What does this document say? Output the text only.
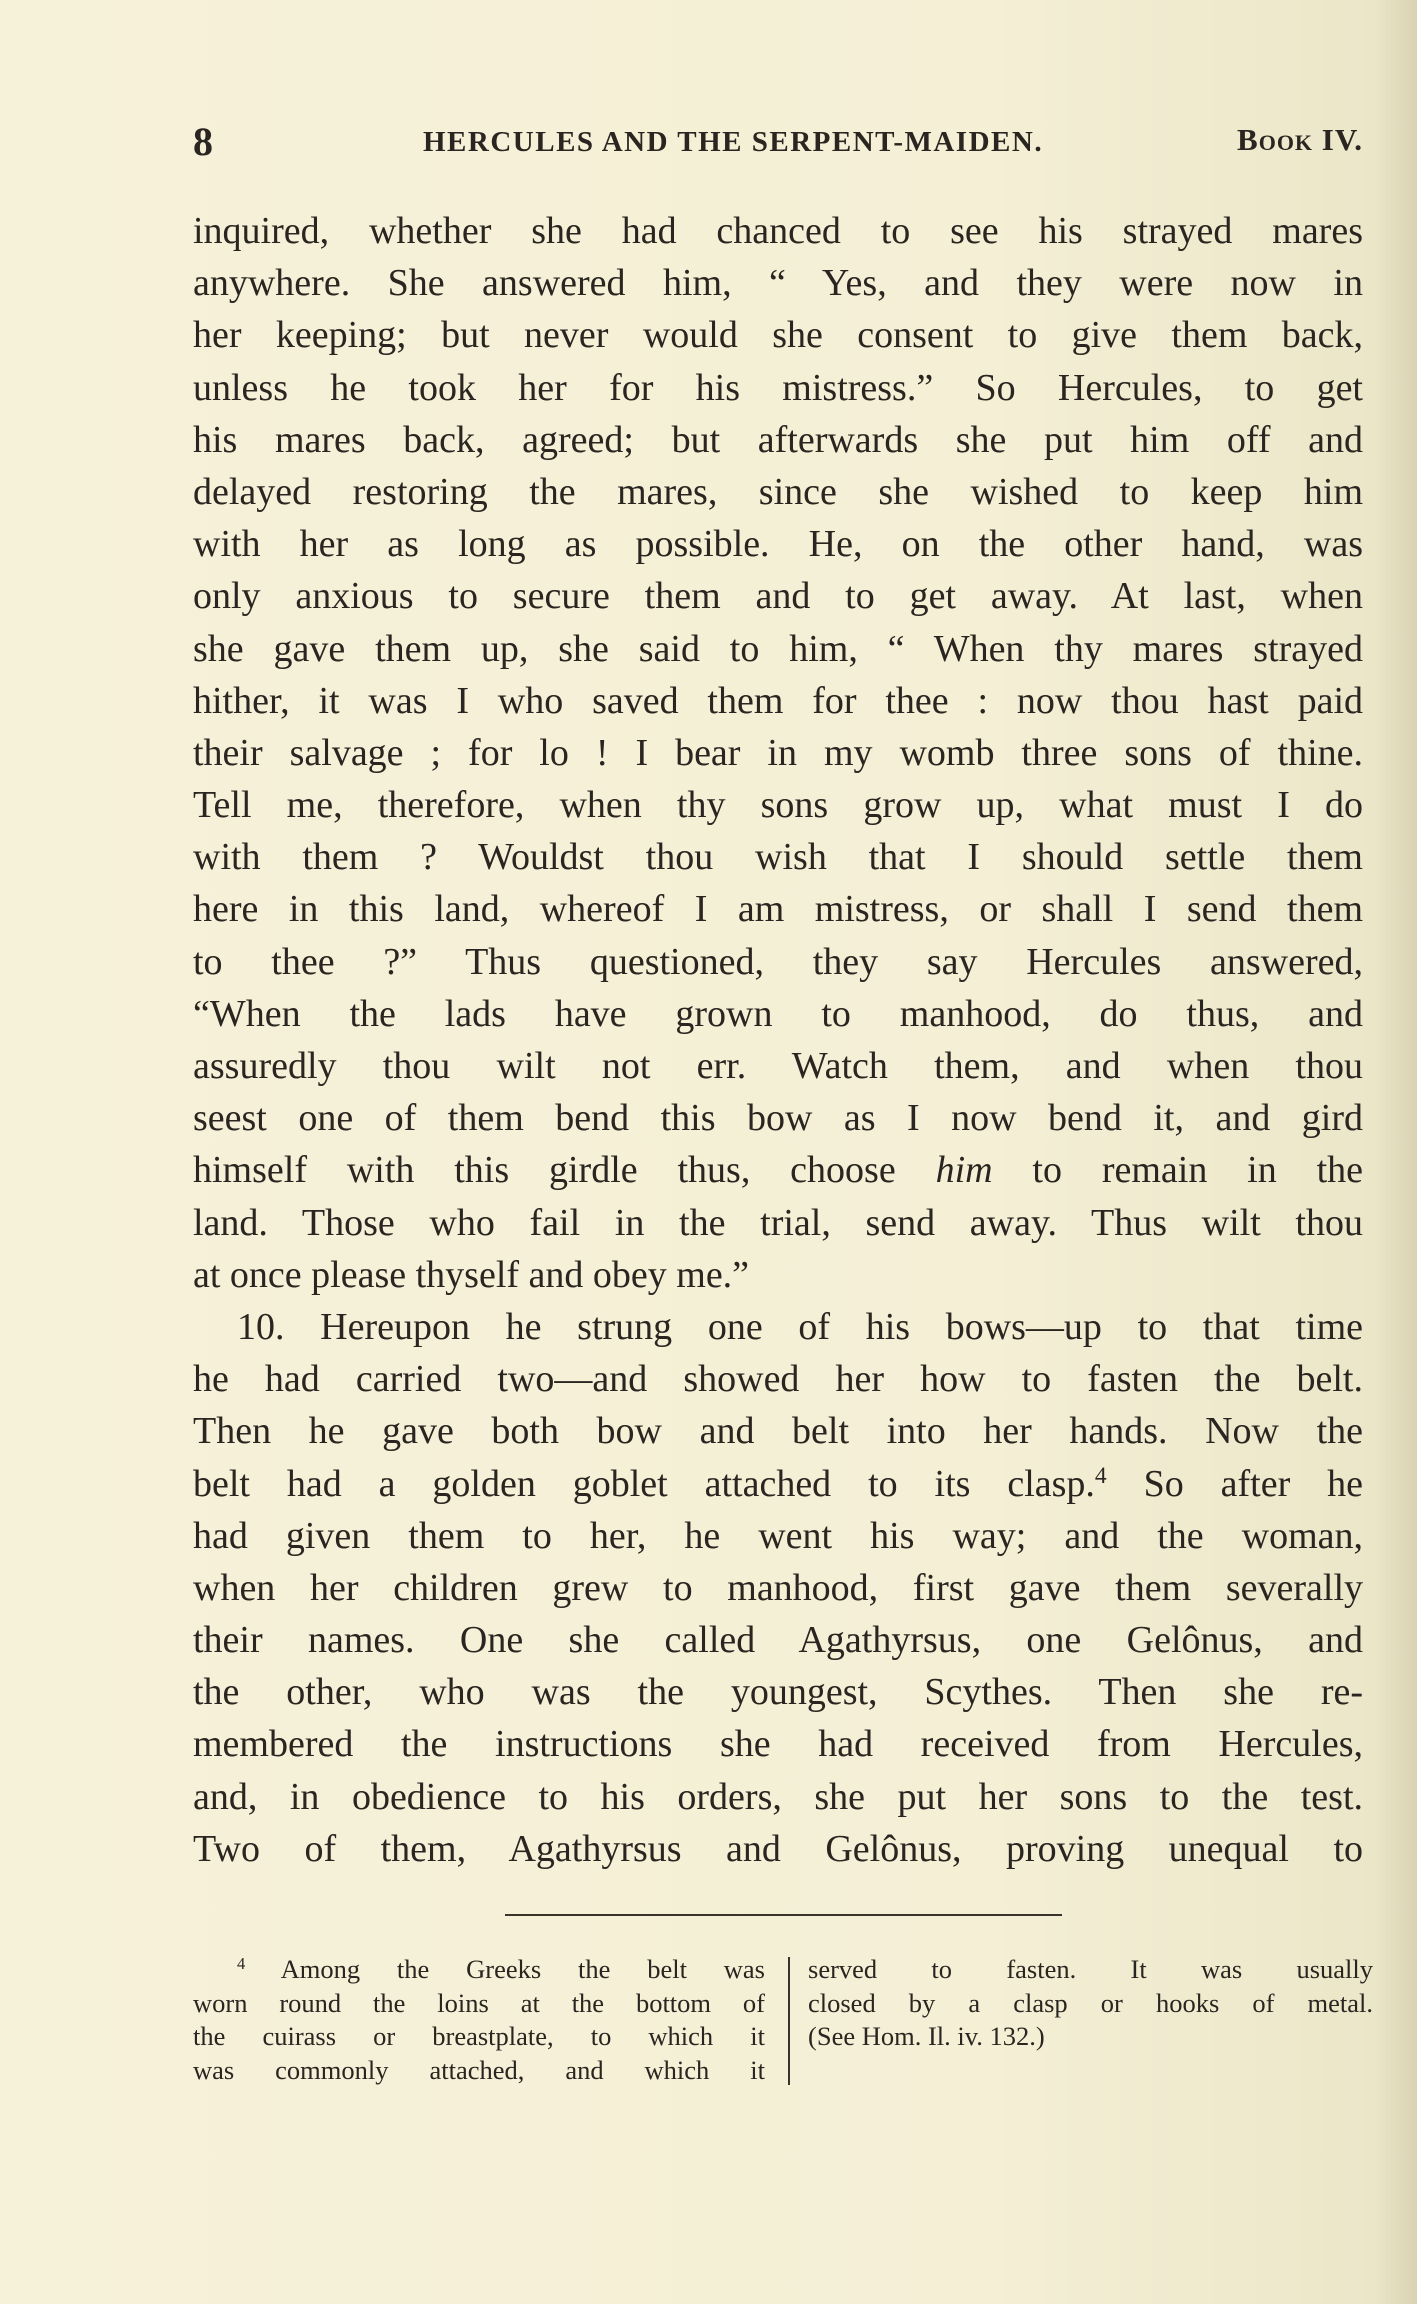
8	HERCULES AND THE SERPENT-MAIDEN.	Book IV.
inquired, whether she had chanced to see his strayed mares
anywhere. She answered him, “ Yes, and they were now in
her keeping; but never would she consent to give them back,
unless he took her for his mistress.” So Hercules, to get
his mares back, agreed; but afterwards she put him off and
delayed restoring the mares, since she wished to keep him
with her as long as possible. He, on the other hand, was
only anxious to secure them and to get away. At last, when
she gave them up, she said to him, “ When thy mares strayed
hither, it was I who saved them for thee : now thou hast paid
their salvage ; for lo ! I bear in my womb three sons of thine.
Tell me, therefore, when thy sons grow up, what must I do
with them ? Wouldst thou wish that I should settle them
here in this land, whereof I am mistress, or shall I send them
to thee ?” Thus questioned, they say Hercules answered,
“When the lads have grown to manhood, do thus, and
assuredly thou wilt not err. Watch them, and when thou
seest one of them bend this bow as I now bend it, and gird
himself with this girdle thus, choose him to remain in the
land. Those who fail in the trial, send away. Thus wilt thou
at once please thyself and obey me.”
10. Hereupon he strung one of his bows—up to that time
he had carried two—and showed her how to fasten the belt.
Then he gave both bow and belt into her hands. Now the
belt had a golden goblet attached to its clasp.$^4$ So after he
had given them to her, he went his way; and the woman,
when her children grew to manhood, first gave them severally
their names. One she called Agathyrsus, one Gelônus, and
the other, who was the youngest, Scythes. Then she re-
membered the instructions she had received from Hercules,
and, in obedience to his orders, she put her sons to the test.
Two of them, Agathyrsus and Gelônus, proving unequal to
$^4$ Among the Greeks the belt was
worn round the loins at the bottom of
the cuirass or breastplate, to which it
was commonly attached, and which it
served to fasten. It was usually
closed by a clasp or hooks of metal.
(See Hom. Il. iv. 132.)
